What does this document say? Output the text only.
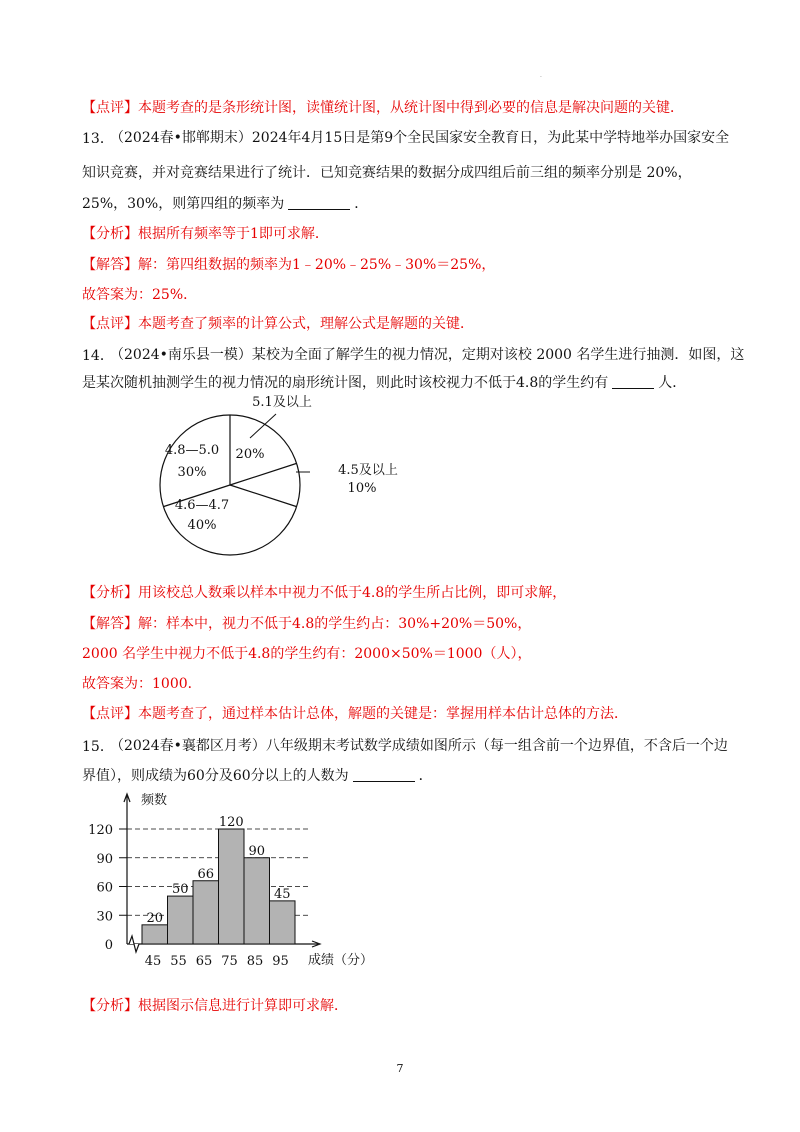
·
【点评】本题考查的是条形统计图，读懂统计图，从统计图中得到必要的信息是解决问题的关键．
13．
（2024春•邯郸期末）2024年4月15日是第9个全民国家安全教育日，为此某中学特地举办国家安全
知识竞赛，并对竞赛结果进行了统计．已知竞赛结果的数据分成四组后前三组的频率分别是 20%，
25%，30%，则第四组的频率为	．
【分析】根据所有频率等于1即可求解．
【解答】解：第四组数据的频率为1﹣20%﹣25%﹣30%＝25%，
故答案为：25%．
【点评】本题考查了频率的计算公式，理解公式是解题的关键．
14．
（2024•南乐县一模）某校为全面了解学生的视力情况，定期对该校 2000 名学生进行抽测．如图，这
是某次随机抽测学生的视力情况的扇形统计图，则此时该校视力不低于4.8的学生约有	人．
5.1及以上
20%
4.5及以上
10%
4.6—4.7
40%
4.8—5.0
30%
【分析】用该校总人数乘以样本中视力不低于4.8的学生所占比例，即可求解，
【解答】解：样本中，视力不低于4.8的学生约占：30%+20%＝50%，
2000 名学生中视力不低于4.8的学生约有：2000×50%＝1000（人），
故答案为：1000．
【点评】本题考查了，通过样本估计总体，解题的关键是：掌握用样本估计总体的方法．
15．
（2024春•襄都区月考）八年级期末考试数学成绩如图所示（每一组含前一个边界值，不含后一个边
界值），则成绩为60分及60分以上的人数为	．
频数
成绩（分）
0
30
60
90
120
20
50
66
120
90
45
45 55 65 75 85 95
【分析】根据图示信息进行计算即可求解．
7
